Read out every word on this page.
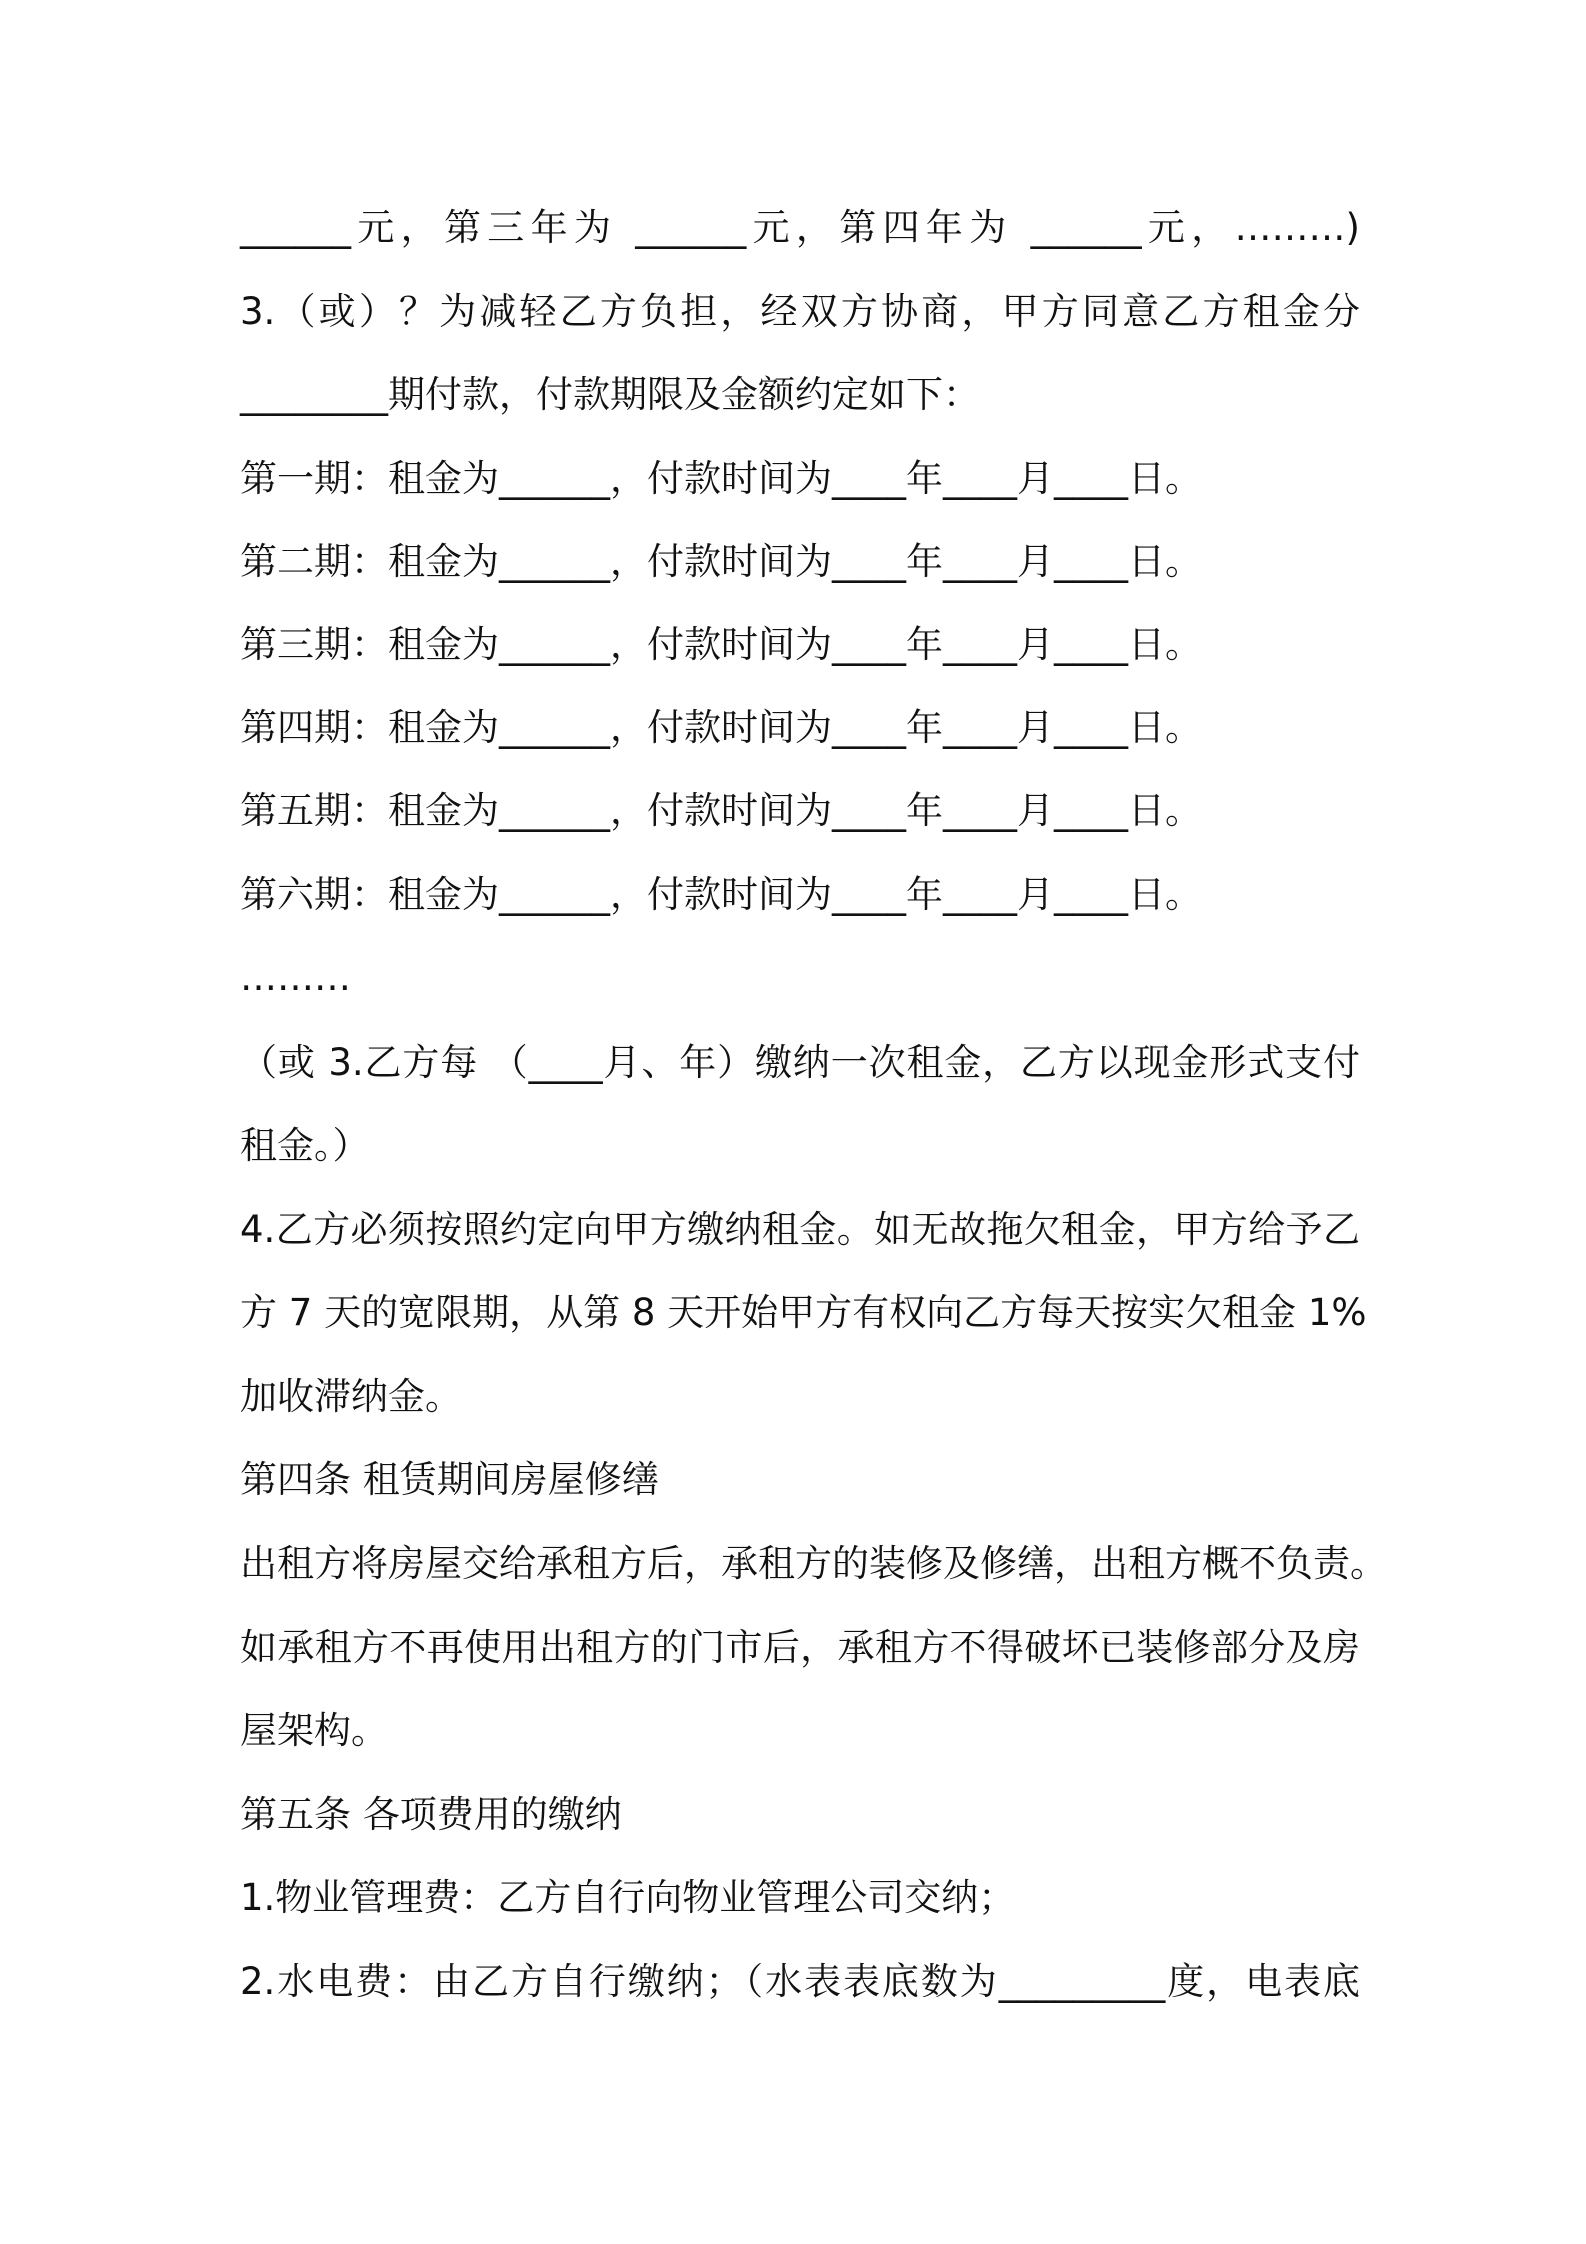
______元，第三年为 ______元，第四年为 ______元，………)
3.（或）？为减轻乙方负担，经双方协商，甲方同意乙方租金分
________期付款，付款期限及金额约定如下：
第一期：租金为______，付款时间为____年____月____日。
第二期：租金为______，付款时间为____年____月____日。
第三期：租金为______，付款时间为____年____月____日。
第四期：租金为______，付款时间为____年____月____日。
第五期：租金为______，付款时间为____年____月____日。
第六期：租金为______，付款时间为____年____月____日。
………
（或 3.乙方每 （____月、年）缴纳一次租金，乙方以现金形式支付
租金。）
4.乙方必须按照约定向甲方缴纳租金。如无故拖欠租金，甲方给予乙
方 7 天的宽限期，从第 8 天开始甲方有权向乙方每天按实欠租金 1%
加收滞纳金。
第四条 租赁期间房屋修缮
出租方将房屋交给承租方后，承租方的装修及修缮，出租方概不负责。
如承租方不再使用出租方的门市后，承租方不得破坏已装修部分及房
屋架构。
第五条 各项费用的缴纳
1.物业管理费：乙方自行向物业管理公司交纳；
2.水电费：由乙方自行缴纳；（水表表底数为_________度，电表底
